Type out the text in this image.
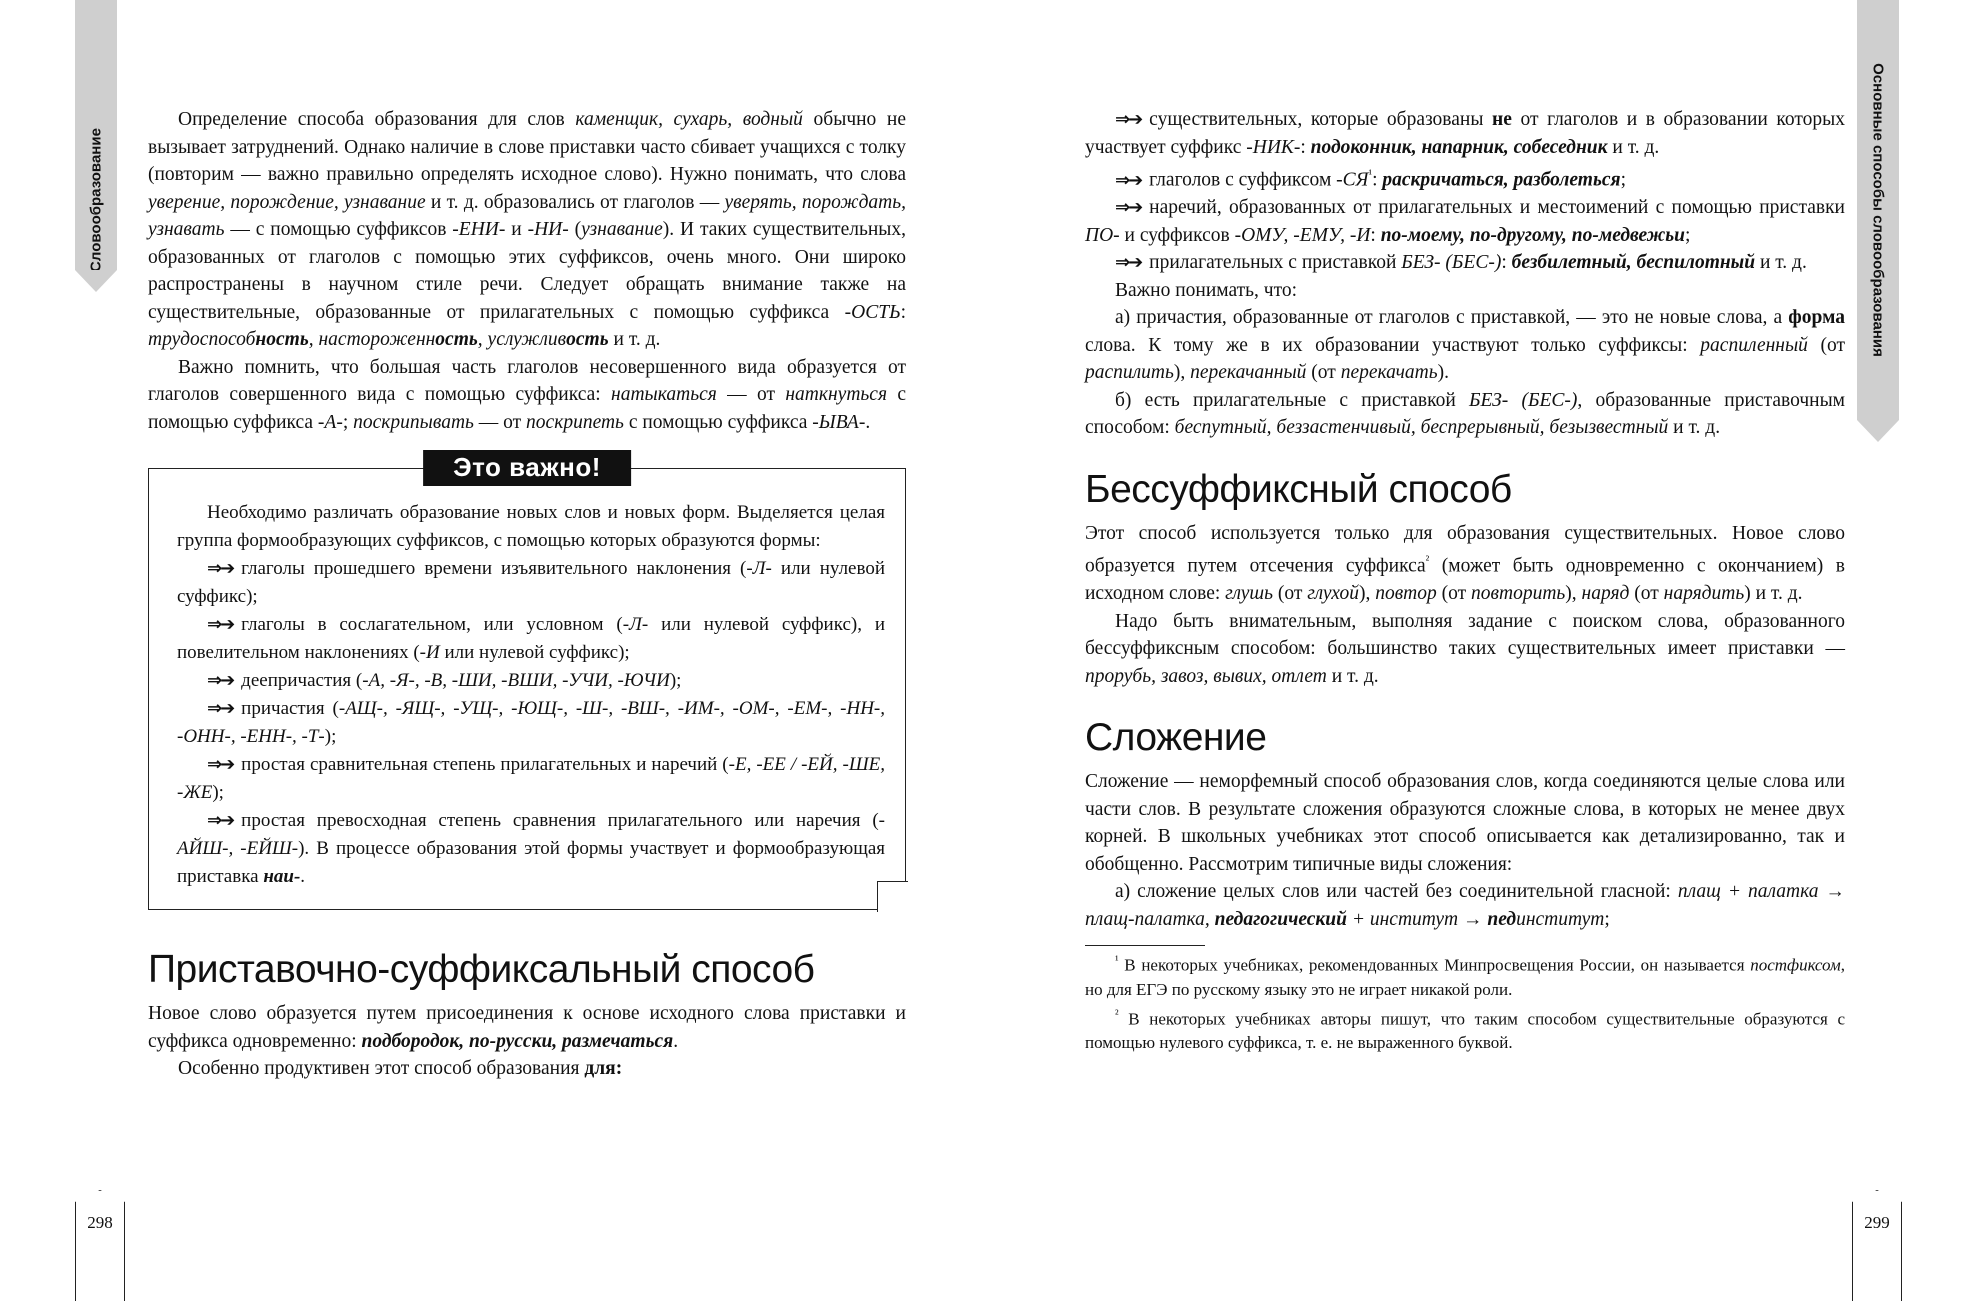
Словообразование

Определение способа образования для слов каменщик, сухарь, водный обычно не вызывает затруднений. Однако наличие в слове приставки часто сбивает учащихся с толку (повторим — важно правильно определять исходное слово). Нужно понимать, что слова уверение, порождение, узнавание и т. д. образовались от глаголов — уверять, порождать, узнавать — с помощью суффиксов -ЕНИ- и -НИ- (узнавание). И таких существительных, образованных от глаголов с помощью этих суффиксов, очень много. Они широко распространены в научном стиле речи. Следует обращать внимание также на существительные, образованные от прилагательных с помощью суффикса -ОСТЬ: трудоспособность, настороженность, услужливость и т. д.

Важно помнить, что большая часть глаголов несовершенного вида образуется от глаголов совершенного вида с помощью суффикса: натыкаться — от наткнуться с помощью суффикса -А-; поскрипывать — от поскрипеть с помощью суффикса -ЫВА-.

Это важно!

Необходимо различать образование новых слов и новых форм. Выделяется целая группа формообразующих суффиксов, с помощью которых образуются формы:

⇒➔ глаголы прошедшего времени изъявительного наклонения (-Л- или нулевой суффикс);

⇒➔ глаголы в сослагательном, или условном (-Л- или нулевой суффикс), и повелительном наклонениях (-И или нулевой суффикс);

⇒➔ деепричастия (-А, -Я-, -В, -ШИ, -ВШИ, -УЧИ, -ЮЧИ);

⇒➔ причастия (-АЩ-, -ЯЩ-, -УЩ-, -ЮЩ-, -Ш-, -ВШ-, -ИМ-, -ОМ-, -ЕМ-, -НН-, -ОНН-, -ЕНН-, -Т-);

⇒➔ простая сравнительная степень прилагательных и наречий (-Е, -ЕЕ / -ЕЙ, -ШЕ, -ЖЕ);

⇒➔ простая превосходная степень сравнения прилагательного или наречия (-АЙШ-, -ЕЙШ-). В процессе образования этой формы участвует и формообразующая приставка наи-.

Приставочно-суффиксальный способ

Новое слово образуется путем присоединения к основе исходного слова приставки и суффикса одновременно: подбородок, по-русски, размечаться.

Особенно продуктивен этот способ образования для:

298
Основные способы словообразования

⇒➔ существительных, которые образованы не от глаголов и в образовании которых участвует суффикс -НИК-: подоконник, напарник, собеседник и т. д.

⇒➔ глаголов с суффиксом $-СЯ^{^1}$: раскричаться, разболеться;

⇒➔ наречий, образованных от прилагательных и местоимений с помощью приставки ПО- и суффиксов -ОМУ, -ЕМУ, -И: по-моему, по-другому, по-медвежьи;

⇒➔ прилагательных с приставкой БЕЗ- (БЕС-): безбилетный, беспилотный и т. д.

Важно понимать, что:

а) причастия, образованные от глаголов с приставкой, — это не новые слова, а форма слова. К тому же в их образовании участвуют только суффиксы: распиленный (от распилить), перекачанный (от перекачать).

б) есть прилагательные с приставкой БЕЗ- (БЕС-), образованные приставочным способом: беспутный, беззастенчивый, беспрерывный, безызвестный и т. д.

Бессуффиксный способ

Этот способ используется только для образования существительных. Новое слово образуется путем отсечения суффикса$^{^2}$ (может быть одновременно с окончанием) в исходном слове: глушь (от глухой), повтор (от повторить), наряд (от нарядить) и т. д.

Надо быть внимательным, выполняя задание с поиском слова, образованного бессуффиксным способом: большинство таких существительных имеет приставки — прорубь, завоз, вывих, отлет и т. д.

Сложение

Сложение — неморфемный способ образования слов, когда соединяются целые слова или части слов. В результате сложения образуются сложные слова, в которых не менее двух корней. В школьных учебниках этот способ описывается как детализированно, так и обобщенно. Рассмотрим типичные виды сложения:

а) сложение целых слов или частей без соединительной гласной: плащ + палатка → плащ-палатка, педагогический + институт → пединститут;

$^{^1}$ В некоторых учебниках, рекомендованных Минпросвещения России, он называется постфиксом, но для ЕГЭ по русскому языку это не играет никакой роли.

$^{^2}$ В некоторых учебниках авторы пишут, что таким способом существительные образуются с помощью нулевого суффикса, т. е. не выраженного буквой.

299
